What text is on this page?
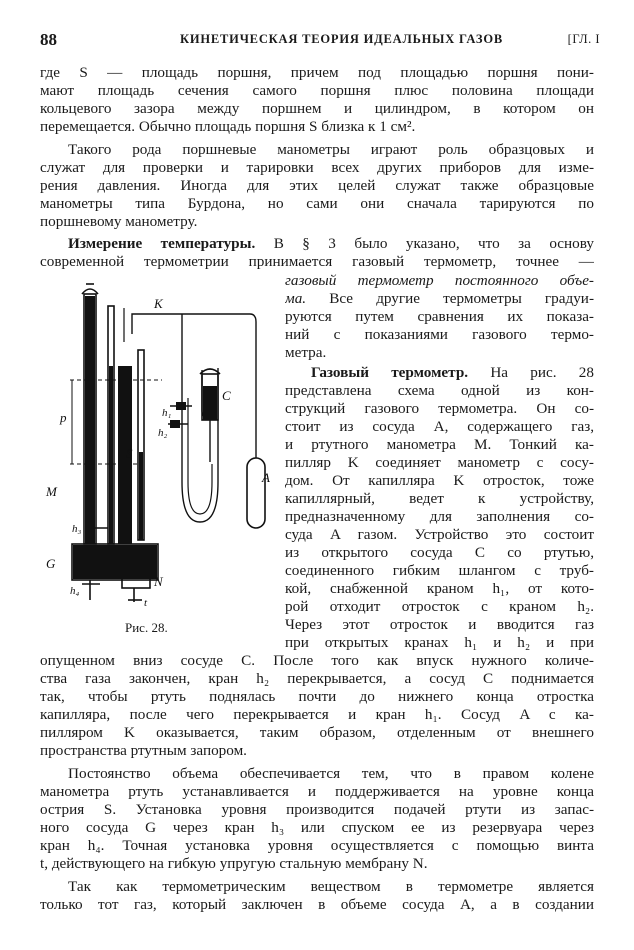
88	КИНЕТИЧЕСКАЯ ТЕОРИЯ ИДЕАЛЬНЫХ ГАЗОВ	[ГЛ. I
где S — площадь поршня, причем под площадью поршня пони-
мают площадь сечения самого поршня плюс половина площади
кольцевого зазора между поршнем и цилиндром, в котором он
перемещается. Обычно площадь поршня S близка к 1 см².
Такого рода поршневые манометры играют роль образцовых и
служат для проверки и тарировки всех других приборов для изме-
рения давления. Иногда для этих целей служат также образцовые
манометры типа Бурдона, но сами они сначала тарируются по
поршневому манометру.
Измерение температуры. В § 3 было указано, что за основу
современной термометрии принимается газовый термометр, точнее —
газовый термометр постоянного объе-
ма. Все другие термометры градуи-
руются путем сравнения их показа-
ний с показаниями газового термо-
метра.
Газовый термометр. На рис. 28
представлена схема одной из кон-
струкций газового термометра. Он со-
стоит из сосуда A, содержащего газ,
и ртутного манометра M. Тонкий ка-
пилляр K соединяет манометр с сосу-
дом. От капилляра K отросток, тоже
капиллярный, ведет к устройству,
предназначенному для заполнения со-
суда A газом. Устройство это состоит
из открытого сосуда C со ртутью,
соединенного гибким шлангом с труб-
кой, снабженной краном h₁, от кото-
рой отходит отросток с краном h₂.
Через этот отросток и вводится газ
при открытых кранах h₁ и h₂ и при
опущенном вниз сосуде C. После того как впуск нужного количе-
ства газа закончен, кран h₂ перекрывается, а сосуд C поднимается
так, чтобы ртуть поднялась почти до нижнего конца отростка
капилляра, после чего перекрывается и кран h₁. Сосуд A с ка-
пилляром K оказывается, таким образом, отделенным от внешнего
пространства ртутным запором.
Постоянство объема обеспечивается тем, что в правом колене
манометра ртуть устанавливается и поддерживается на уровне конца
острия S. Установка уровня производится подачей ртути из запас-
ного сосуда G через кран h₃ или спуском ее из резервуара через
кран h₄. Точная установка уровня осуществляется с помощью винта
t, действующего на гибкую упругую стальную мембрану N.
Так как термометрическим веществом в термометре является
только тот газ, который заключен в объеме сосуда A, а в создании
K
C
A
M
G
N
S
p	h₁
h₂
h₃
h₄
t
Рис. 28.
